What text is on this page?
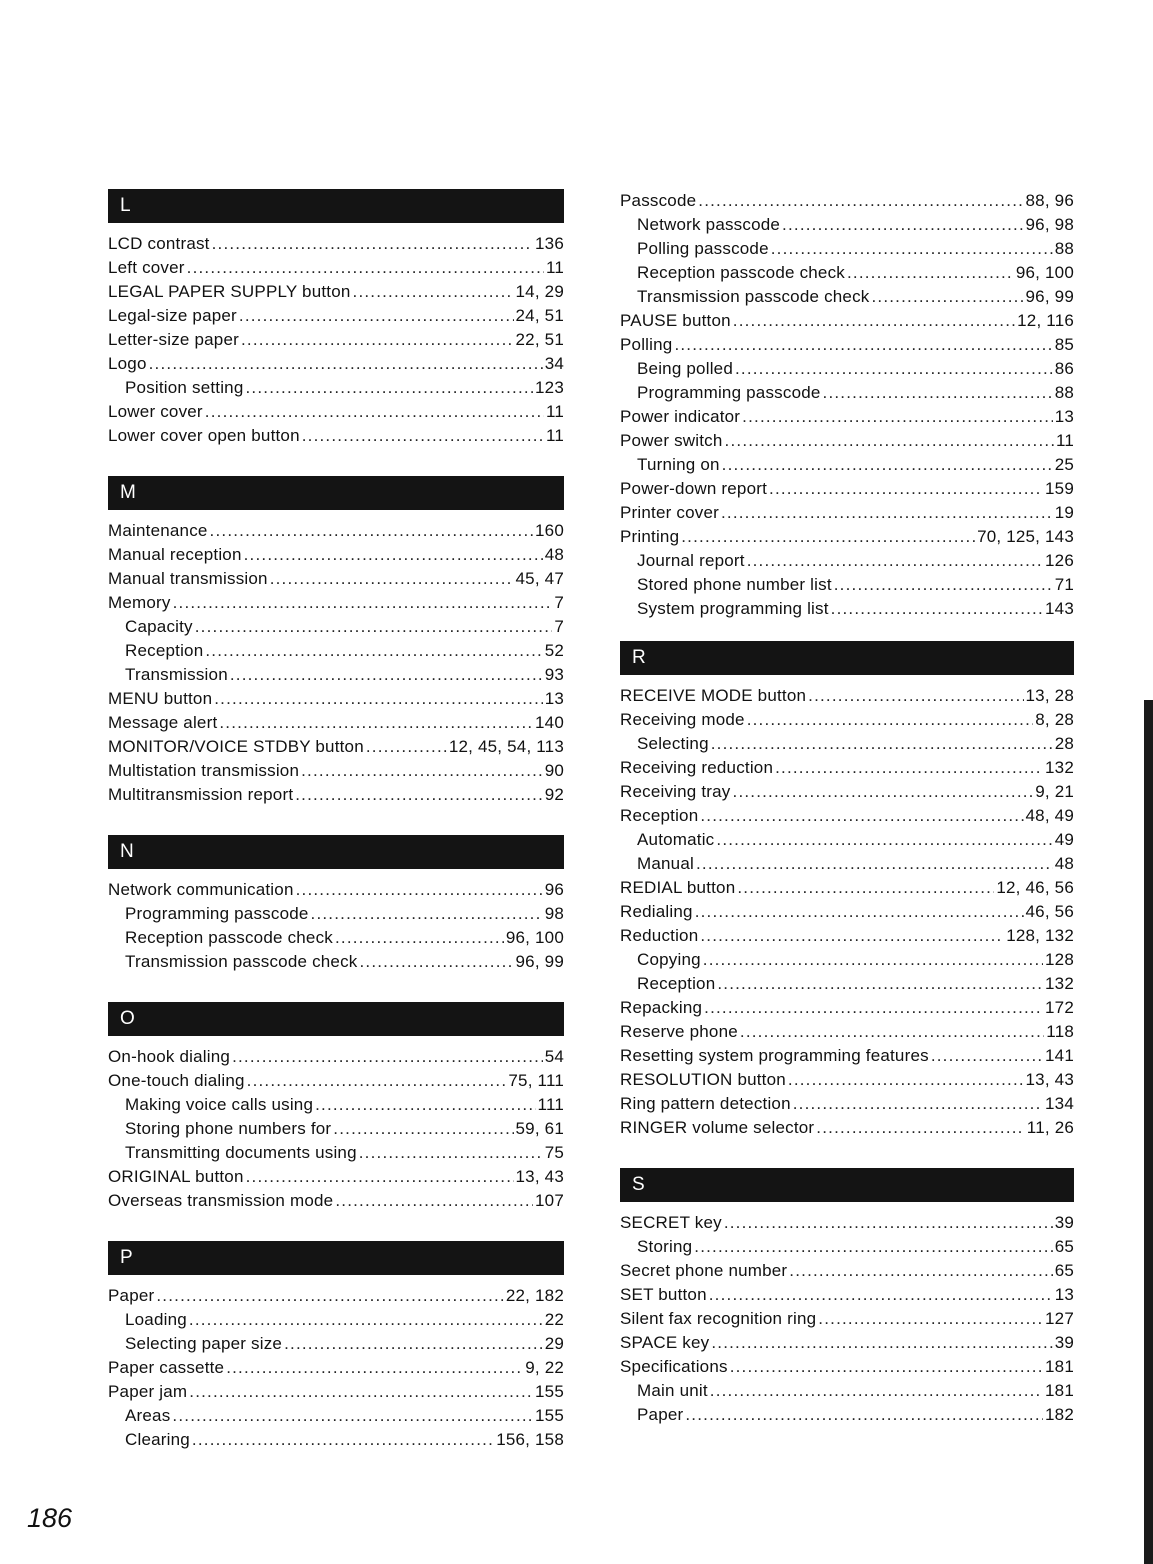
L
LCD contrast .....	136
Left cover .....	11
LEGAL PAPER SUPPLY button .....	14, 29
Legal-size paper .....	24, 51
Letter-size paper .....	22, 51
Logo .....	34
Position setting .....	123
Lower cover .....	11
Lower cover open button .....	11
M
Maintenance .....	160
Manual reception .....	48
Manual transmission .....	45, 47
Memory .....	7
Capacity .....	7
Reception .....	52
Transmission .....	93
MENU button .....	13
Message alert .....	140
MONITOR/VOICE STDBY button .....	12, 45, 54, 113
Multistation transmission .....	90
Multitransmission report .....	92
N
Network communication .....	96
Programming passcode .....	98
Reception passcode check .....	96, 100
Transmission passcode check .....	96, 99
O
On-hook dialing .....	54
One-touch dialing .....	75, 111
Making voice calls using .....	111
Storing phone numbers for .....	59, 61
Transmitting documents using .....	75
ORIGINAL button .....	13, 43
Overseas transmission mode .....	107
P
Paper .....	22, 182
Loading .....	22
Selecting paper size .....	29
Paper cassette .....	9, 22
Paper jam .....	155
Areas .....	155
Clearing .....	156, 158
Passcode .....	88, 96
Network passcode .....	96, 98
Polling passcode .....	88
Reception passcode check .....	96, 100
Transmission passcode check .....	96, 99
PAUSE button .....	12, 116
Polling .....	85
Being polled .....	86
Programming passcode .....	88
Power indicator .....	13
Power switch .....	11
Turning on .....	25
Power-down report .....	159
Printer cover .....	19
Printing .....	70, 125, 143
Journal report .....	126
Stored phone number list .....	71
System programming list .....	143
R
RECEIVE MODE button .....	13, 28
Receiving mode .....	8, 28
Selecting .....	28
Receiving reduction .....	132
Receiving tray .....	9, 21
Reception .....	48, 49
Automatic .....	49
Manual .....	48
REDIAL button .....	12, 46, 56
Redialing .....	46, 56
Reduction .....	128, 132
Copying .....	128
Reception .....	132
Repacking .....	172
Reserve phone .....	118
Resetting system programming features .....	141
RESOLUTION button .....	13, 43
Ring pattern detection .....	134
RINGER volume selector .....	11, 26
S
SECRET key .....	39
Storing .....	65
Secret phone number .....	65
SET button .....	13
Silent fax recognition ring .....	127
SPACE key .....	39
Specifications .....	181
Main unit .....	181
Paper .....	182
186
